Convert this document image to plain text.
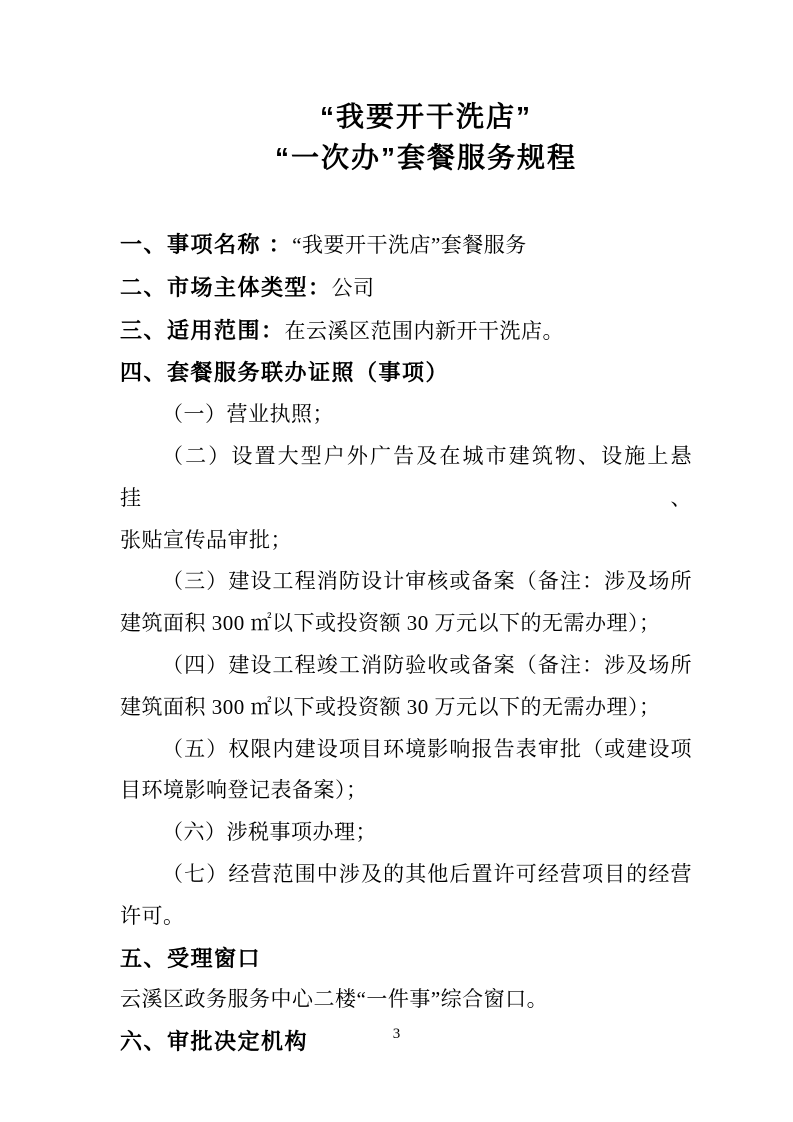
“我要开干洗店”
“一次办”套餐服务规程
一、事项名称 ：“我要开干洗店”套餐服务
二、市场主体类型：公司
三、适用范围：在云溪区范围内新开干洗店。
四、套餐服务联办证照（事项）
（一）营业执照；
（二）设置大型户外广告及在城市建筑物、设施上悬挂、
张贴宣传品审批；
（三）建设工程消防设计审核或备案（备注：涉及场所
建筑面积 300 ㎡以下或投资额 30 万元以下的无需办理）；
（四）建设工程竣工消防验收或备案（备注：涉及场所
建筑面积 300 ㎡以下或投资额 30 万元以下的无需办理）；
（五）权限内建设项目环境影响报告表审批（或建设项
目环境影响登记表备案）；
（六）涉税事项办理；
（七）经营范围中涉及的其他后置许可经营项目的经营
许可。
五、受理窗口
云溪区政务服务中心二楼“一件事”综合窗口。
六、审批决定机构	3
